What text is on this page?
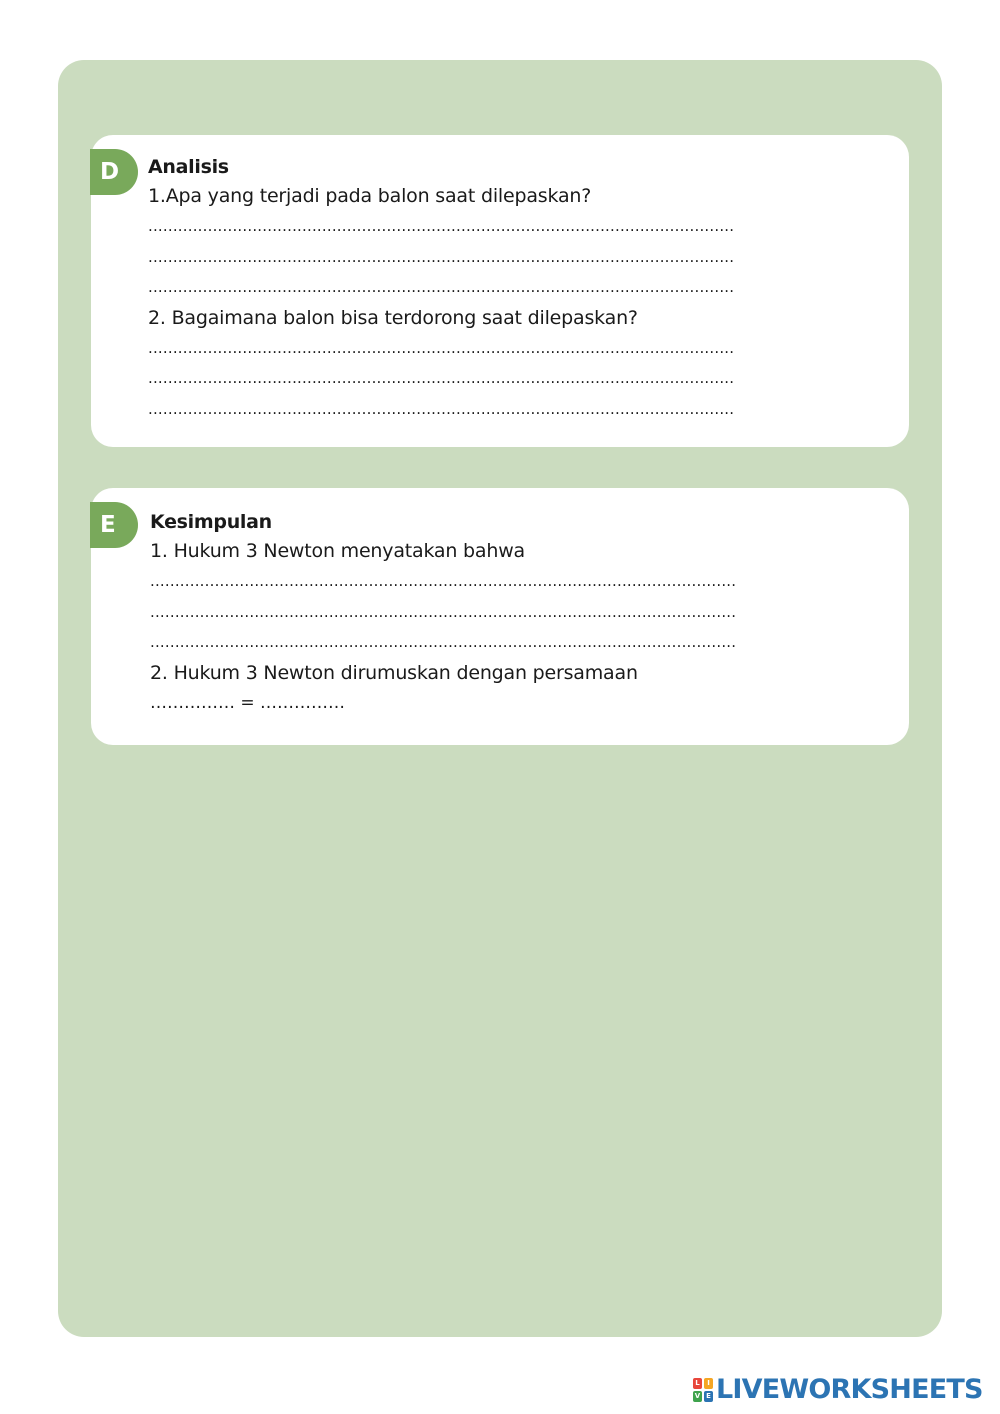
D	Analisis
1.Apa yang terjadi pada balon saat dilepaskan?
......................................................................................................................
......................................................................................................................
......................................................................................................................
2. Bagaimana balon bisa terdorong saat dilepaskan?
......................................................................................................................
......................................................................................................................
......................................................................................................................
E	Kesimpulan
1. Hukum 3 Newton menyatakan bahwa
......................................................................................................................
......................................................................................................................
......................................................................................................................
2. Hukum 3 Newton dirumuskan dengan persamaan
…………… = ……………
L	I
V E LIVEWORKSHEETS
